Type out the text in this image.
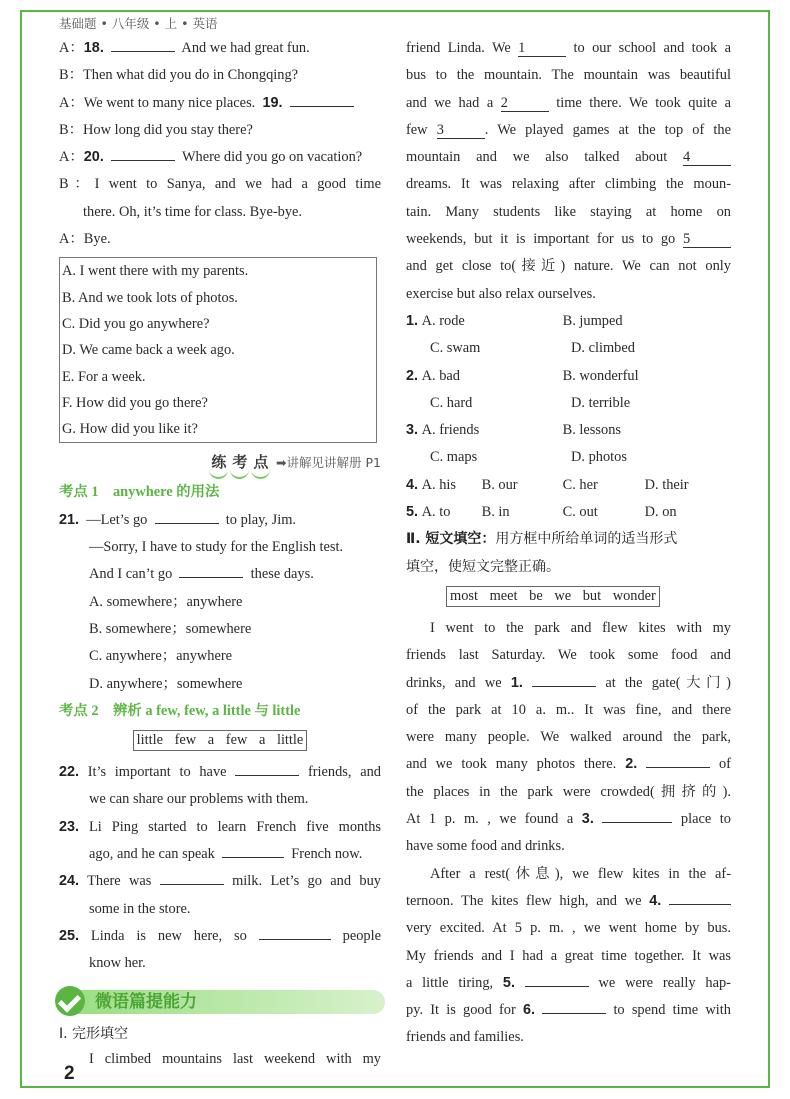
基础题 • 八年级 • 上 • 英语
A：18.	And we had great fun.
B：Then what did you do in Chongqing?
A：We went to many nice places. 19.
B：How long did you stay there?
A：20.	Where did you go on vacation?
B：I went to Sanya, and we had a good time
there. Oh, it’s time for class. Bye-bye.
A：Bye.
A. I went there with my parents.
B. And we took lots of photos.
C. Did you go anywhere?
D. We came back a week ago.
E. For a week.
F. How did you go there?
G. How did you like it?
练 考 点 ➡讲解见讲解册 P1
考点 1　anywhere 的用法
21. —Let’s go	to play, Jim.
—Sorry, I have to study for the English test.
And I can’t go	these days.
A. somewhere；anywhere
B. somewhere；somewhere
C. anywhere；anywhere
D. anywhere；somewhere
考点 2　辨析 a few, few, a little 与 little
little few a few a little
22. It’s important to have	friends, and
we can share our problems with them.
23. Li Ping started to learn French five months
ago, and he can speak	French now.
24. There was	milk. Let’s go and buy
some in the store.
25. Linda is new here, so	people
know her.
微语篇提能力
Ⅰ. 完形填空
I climbed mountains last weekend with my
friend Linda. We 1	to our school and took a
bus to the mountain. The mountain was beautiful
and we had a 2	time there. We took quite a
few 3	. We played games at the top of the
mountain and we also talked about 4
dreams. It was relaxing after climbing the moun-
tain. Many students like staying at home on
weekends, but it is important for us to go 5
and get close to(接近) nature. We can not only
exercise but also relax ourselves.
1. A. rode	B. jumped
C. swam	D. climbed
2. A. bad	B. wonderful
C. hard	D. terrible
3. A. friends	B. lessons
C. maps	D. photos
4. A. his B. our	C. her	D. their
5. A. to B. in	C. out	D. on
Ⅱ. 短文填空：用方框中所给单词的适当形式
填空，使短文完整正确。
most meet be we but wonder
I went to the park and flew kites with my
friends last Saturday. We took some food and
drinks, and we 1.	at the gate(大门)
of the park at 10 a. m.. It was fine, and there
were many people. We walked around the park,
and we took many photos there. 2.	of
the places in the park were crowded(拥挤的).
At 1 p. m. , we found a 3.	place to
have some food and drinks.
After a rest(休息), we flew kites in the af-
ternoon. The kites flew high, and we 4.
very excited. At 5 p. m. , we went home by bus.
My friends and I had a great time together. It was
a little tiring, 5.	we were really hap-
py. It is good for 6.	to spend time with
friends and families.
2
